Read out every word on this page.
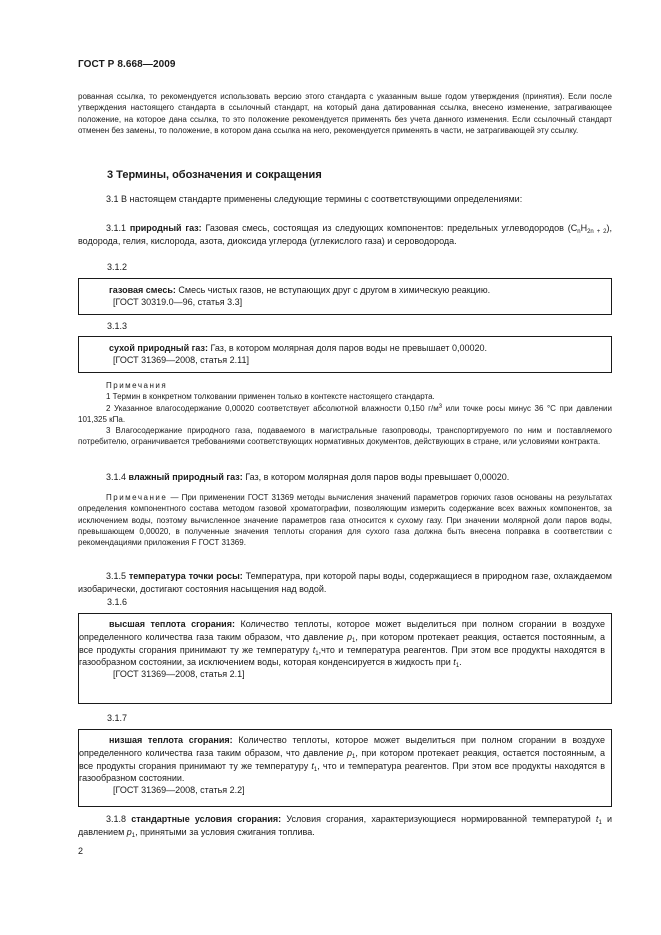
ГОСТ Р 8.668—2009

рованная ссылка, то рекомендуется использовать версию этого стандарта с указанным выше годом утверждения (принятия). Если после утверждения настоящего стандарта в ссылочный стандарт, на который дана датированная ссылка, внесено изменение, затрагивающее положение, на которое дана ссылка, то это положение рекомендуется применять без учета данного изменения. Если ссылочный стандарт отменен без замены, то положение, в котором дана ссылка на него, рекомендуется применять в части, не затрагивающей эту ссылку.

3 Термины, обозначения и сокращения

3.1 В настоящем стандарте применены следующие термины с соответствующими определениями:

3.1.1 природный газ: Газовая смесь, состоящая из следующих компонентов: предельных углеводородов $(C_nH_{2n + 2})$, водорода, гелия, кислорода, азота, диоксида углерода (углекислого газа) и сероводорода.

3.1.2

газовая смесь: Смесь чистых газов, не вступающих друг с другом в химическую реакцию.

[ГОСТ 30319.0—96, статья 3.3]

3.1.3

сухой природный газ: Газ, в котором молярная доля паров воды не превышает 0,00020.

[ГОСТ 31369—2008, статья 2.11]

Примечания

1 Термин в конкретном толковании применен только в контексте настоящего стандарта.

2 Указанное влагосодержание 0,00020 соответствует абсолютной влажности 0,150 $г/м^3$ или точке росы минус 36 °С при давлении 101,325 кПа.

3 Влагосодержание природного газа, подаваемого в магистральные газопроводы, транспортируемого по ним и поставляемого потребителю, ограничивается требованиями соответствующих нормативных документов, действующих в стране, или условиями контракта.

3.1.4 влажный природный газ: Газ, в котором молярная доля паров воды превышает 0,00020.

Примечание — При применении ГОСТ 31369 методы вычисления значений параметров горючих газов основаны на результатах определения компонентного состава методом газовой хроматографии, позволяющим измерить содержание всех важных компонентов, за исключением воды, поэтому вычисленное значение параметров газа относится к сухому газу. При значении молярной доли паров воды, превышающем 0,00020, в полученные значения теплоты сгорания для сухого газа должна быть внесена поправка в соответствии с рекомендациями приложения F ГОСТ 31369.

3.1.5 температура точки росы: Температура, при которой пары воды, содержащиеся в природном газе, охлаждаемом изобарически, достигают состояния насыщения над водой.

3.1.6

высшая теплота сгорания: Количество теплоты, которое может выделиться при полном сгорании в воздухе определенного количества газа таким образом, что давление $p_1$, при котором протекает реакция, остается постоянным, а все продукты сгорания принимают ту же температуру $t_1,что$ и температура реагентов. При этом все продукты находятся в газообразном состоянии, за исключением воды, которая конденсируется в жидкость при $t_1$.

[ГОСТ 31369—2008, статья 2.1]

3.1.7

низшая теплота сгорания: Количество теплоты, которое может выделиться при полном сгорании в воздухе определенного количества газа таким образом, что давление $p_1$, при котором протекает реакция, остается постоянным, а все продукты сгорания принимают ту же температуру $t_1$, что и температура реагентов. При этом все продукты находятся в газообразном состоянии.

[ГОСТ 31369—2008, статья 2.2]

3.1.8 стандартные условия сгорания: Условия сгорания, характеризующиеся нормированной температурой $t_1$ и давлением $p_1$, принятыми за условия сжигания топлива.

2
